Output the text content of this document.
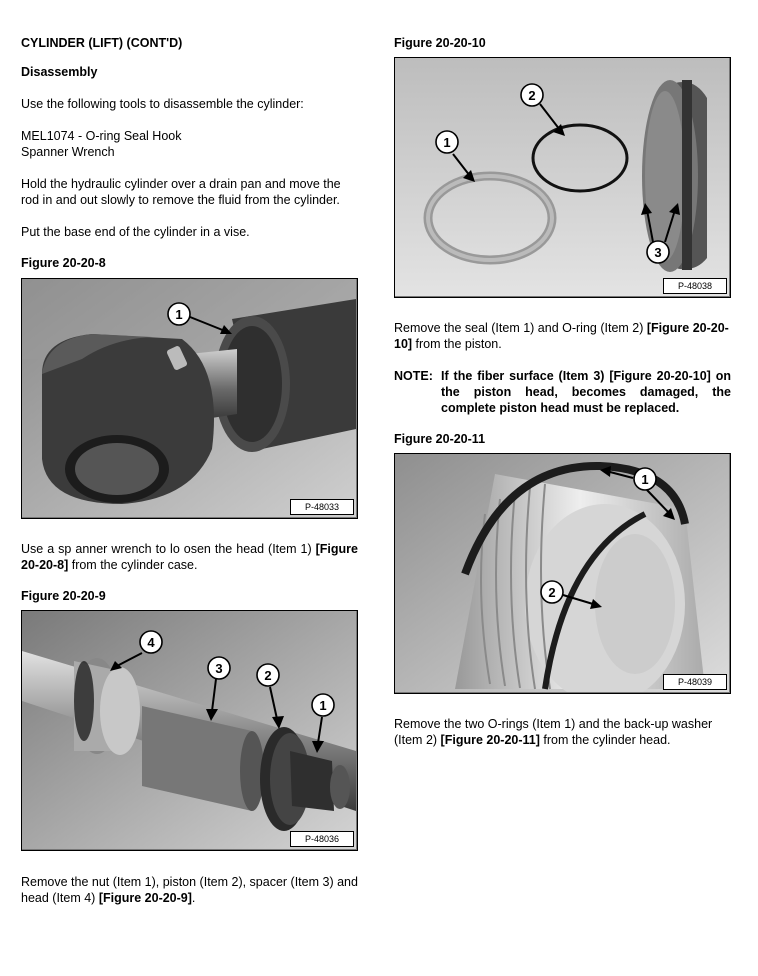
CYLINDER (LIFT) (CONT'D)
Disassembly

Use the following tools to disassemble the cylinder:

MEL1074 - O-ring Seal Hook

Spanner Wrench

Hold the hydraulic cylinder over a drain pan and move the rod in and out slowly to remove the fluid from the cylinder.

Put the base end of the cylinder in a vise.

Figure 20-20-8

1
P-48033

Use a sp anner wrench to lo osen the head (Item 1) [Figure 20-20-8] from the cylinder case.

Figure 20-20-9

4
3	2
1
P-48036

Remove the nut (Item 1), piston (Item 2), spacer (Item 3) and head (Item 4) [Figure 20-20-9].

Figure 20-20-10

2
1
3
P-48038

Remove the seal (Item 1) and O-ring (Item 2) [Figure 20-20-10] from the piston.

NOTE: If the fiber surface (Item 3) [Figure 20-20-10] on the piston head, becomes damaged, the complete piston head must be replaced.

Figure 20-20-11

1
2
P-48039

Remove the two O-rings (Item 1) and the back-up washer (Item 2) [Figure 20-20-11] from the cylinder head.
